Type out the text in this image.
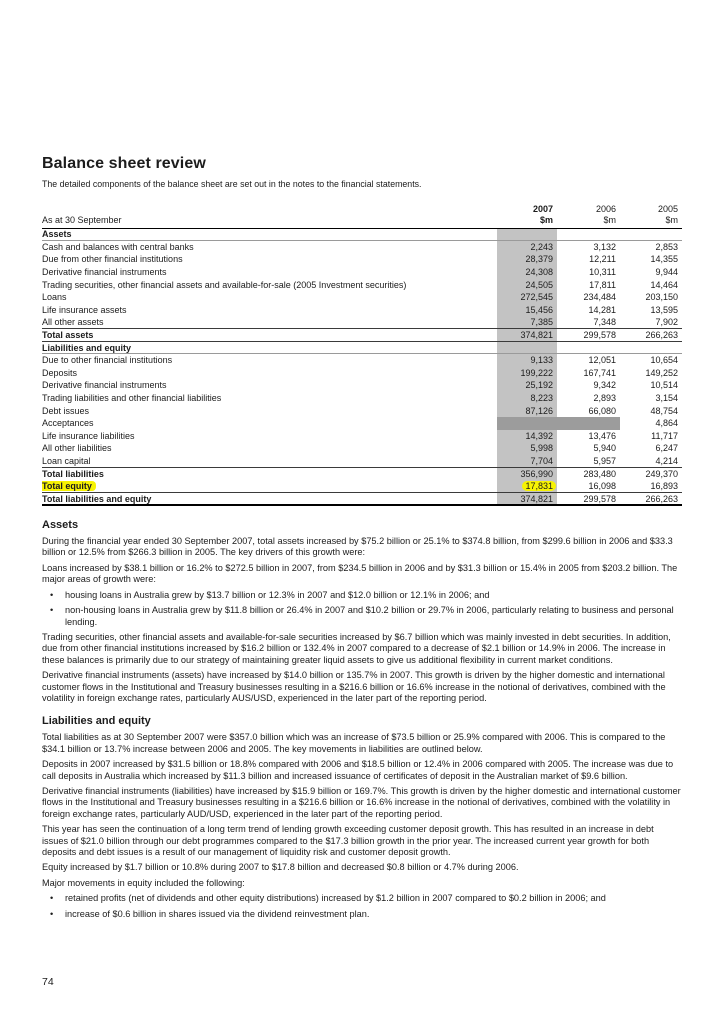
Balance sheet review

The detailed components of the balance sheet are set out in the notes to the financial statements.

	2007	2006	2005
As at 30 September	$m	$m	$m
Assets			
Cash and balances with central banks	2,243	3,132	2,853
Due from other financial institutions	28,379	12,211	14,355
Derivative financial instruments	24,308	10,311	9,944
Trading securities, other financial assets and available-for-sale (2005 Investment securities)	24,505	17,811	14,464
Loans	272,545	234,484	203,150
Life insurance assets	15,456	14,281	13,595
All other assets	7,385	7,348	7,902
Total assets	374,821	299,578	266,263
Liabilities and equity			
Due to other financial institutions	9,133	12,051	10,654
Deposits	199,222	167,741	149,252
Derivative financial instruments	25,192	9,342	10,514
Trading liabilities and other financial liabilities	8,223	2,893	3,154
Debt issues	87,126	66,080	48,754
Acceptances			4,864
Life insurance liabilities	14,392	13,476	11,717
All other liabilities	5,998	5,940	6,247
Loan capital	7,704	5,957	4,214
Total liabilities	356,990	283,480	249,370
Total equity	17,831	16,098	16,893
Total liabilities and equity	374,821	299,578	266,263
Assets

During the financial year ended 30 September 2007, total assets increased by $75.2 billion or 25.1% to $374.8 billion, from $299.6 billion in 2006 and $33.3 billion or 12.5% from $266.3 billion in 2005. The key drivers of this growth were:

Loans increased by $38.1 billion or 16.2% to $272.5 billion in 2007, from $234.5 billion in 2006 and by $31.3 billion or 15.4% in 2005 from $203.2 billion. The major areas of growth were:

•	housing loans in Australia grew by $13.7 billion or 12.3% in 2007 and $12.0 billion or 12.1% in 2006; and
•	non-housing loans in Australia grew by $11.8 billion or 26.4% in 2007 and $10.2 billion or 29.7% in 2006, particularly relating to business and personal lending.

Trading securities, other financial assets and available-for-sale securities increased by $6.7 billion which was mainly invested in debt securities. In addition, due from other financial institutions increased by $16.2 billion or 132.4% in 2007 compared to a decrease of $2.1 billion or 14.9% in 2006. The increase in these balances is primarily due to our strategy of maintaining greater liquid assets to give us additional flexibility in current market conditions.

Derivative financial instruments (assets) have increased by $14.0 billion or 135.7% in 2007. This growth is driven by the higher domestic and international customer flows in the Institutional and Treasury businesses resulting in a $216.6 billion or 16.6% increase in the notional of derivatives, combined with the volatility in foreign exchange rates, particularly AUS/USD, experienced in the later part of the reporting period.

Liabilities and equity

Total liabilities as at 30 September 2007 were $357.0 billion which was an increase of $73.5 billion or 25.9% compared with 2006. This is compared to the $34.1 billion or 13.7% increase between 2006 and 2005. The key movements in liabilities are outlined below.

Deposits in 2007 increased by $31.5 billion or 18.8% compared with 2006 and $18.5 billion or 12.4% in 2006 compared with 2005. The increase was due to call deposits in Australia which increased by $11.3 billion and increased issuance of certificates of deposit in the Australian market of $9.6 billion.

Derivative financial instruments (liabilities) have increased by $15.9 billion or 169.7%. This growth is driven by the higher domestic and international customer flows in the Institutional and Treasury businesses resulting in a $216.6 billion or 16.6% increase in the notional of derivatives, combined with the volatility in foreign exchange rates, particularly AUD/USD, experienced in the later part of the reporting period.

This year has seen the continuation of a long term trend of lending growth exceeding customer deposit growth. This has resulted in an increase in debt issues of $21.0 billion through our debt programmes compared to the $17.3 billion growth in the prior year. The increased current year growth for both deposits and debt issues is a result of our management of liquidity risk and customer deposit growth.

Equity increased by $1.7 billion or 10.8% during 2007 to $17.8 billion and decreased $0.8 billion or 4.7% during 2006.

Major movements in equity included the following:

•	retained profits (net of dividends and other equity distributions) increased by $1.2 billion in 2007 compared to $0.2 billion in 2006; and
•	increase of $0.6 billion in shares issued via the dividend reinvestment plan.
74
